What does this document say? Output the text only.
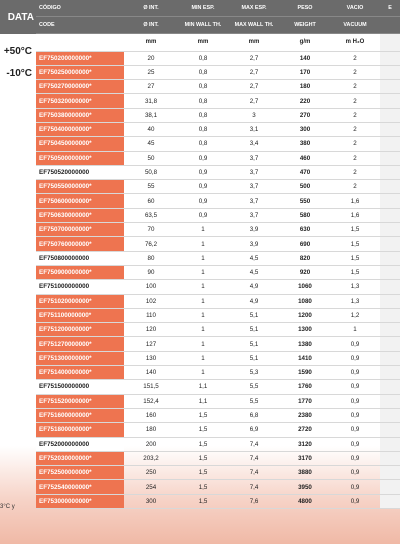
DATA
+50°C
-10°C
3°C y
CÓDIGO	Ø INT.	MIN ESP.	MAX ESP.	PESO	VACIO	E
CODE	Ø INT.	MIN WALL TH.	MAX WALL TH.	WEIGHT	VACUUM	
	mm	mm	mm	g/m	m H₂O	
EF750200000000*	20	0,8	2,7	140	2	
EF750250000000*	25	0,8	2,7	170	2	
EF750270000000*	27	0,8	2,7	180	2	
EF750320000000*	31,8	0,8	2,7	220	2	
EF750380000000*	38,1	0,8	3	270	2	
EF750400000000*	40	0,8	3,1	300	2	
EF750450000000*	45	0,8	3,4	380	2	
EF750500000000*	50	0,9	3,7	460	2	
EF750520000000	50,8	0,9	3,7	470	2	
EF750550000000*	55	0,9	3,7	500	2	
EF750600000000*	60	0,9	3,7	550	1,6	
EF750630000000*	63,5	0,9	3,7	580	1,6	
EF750700000000*	70	1	3,9	630	1,5	
EF750760000000*	76,2	1	3,9	690	1,5	
EF750800000000	80	1	4,5	820	1,5	
EF750900000000*	90	1	4,5	920	1,5	
EF751000000000	100	1	4,9	1060	1,3	
EF751020000000*	102	1	4,9	1080	1,3	
EF751100000000*	110	1	5,1	1200	1,2	
EF751200000000*	120	1	5,1	1300	1	
EF751270000000*	127	1	5,1	1380	0,9	
EF751300000000*	130	1	5,1	1410	0,9	
EF751400000000*	140	1	5,3	1590	0,9	
EF751500000000	151,5	1,1	5,5	1760	0,9	
EF751520000000*	152,4	1,1	5,5	1770	0,9	
EF751600000000*	160	1,5	6,8	2380	0,9	
EF751800000000*	180	1,5	6,9	2720	0,9	
EF752000000000	200	1,5	7,4	3120	0,9	
EF752030000000*	203,2	1,5	7,4	3170	0,9	
EF752500000000*	250	1,5	7,4	3880	0,9	
EF752540000000*	254	1,5	7,4	3950	0,9	
EF753000000000*	300	1,5	7,6	4800	0,9	
